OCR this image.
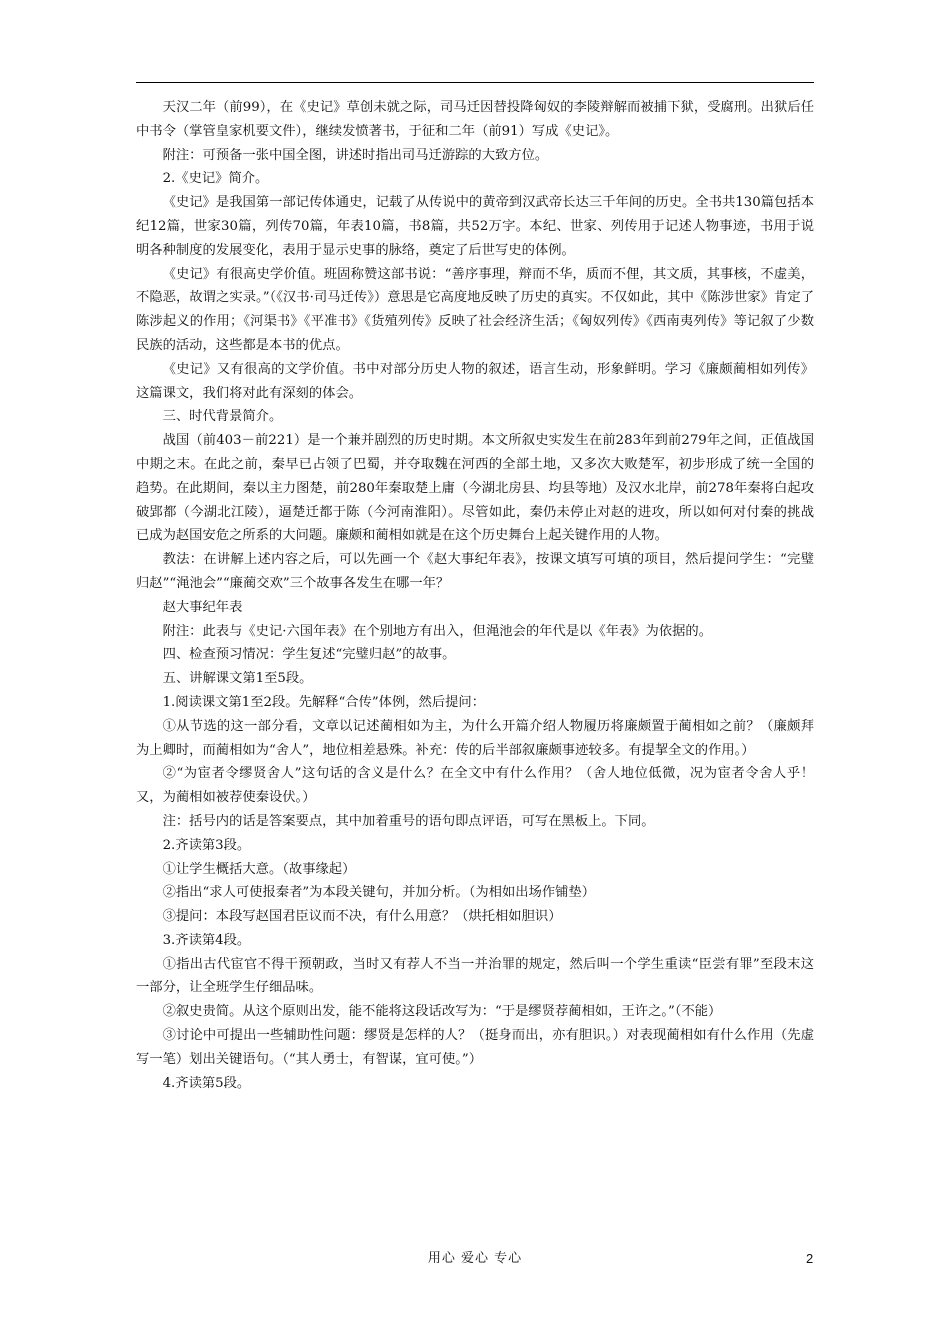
天汉二年（前99），在《史记》草创未就之际，司马迁因替投降匈奴的李陵辩解而被捕下狱，受腐刑。出狱后任中书令（掌管皇家机要文件），继续发愤著书，于征和二年（前91）写成《史记》。

附注：可预备一张中国全图，讲述时指出司马迁游踪的大致方位。

2.《史记》简介。

《史记》是我国第一部记传体通史，记载了从传说中的黄帝到汉武帝长达三千年间的历史。全书共130篇包括本纪12篇，世家30篇，列传70篇，年表10篇，书8篇，共52万字。本纪、世家、列传用于记述人物事迹，书用于说明各种制度的发展变化，表用于显示史事的脉络，奠定了后世写史的体例。

《史记》有很高史学价值。班固称赞这部书说：“善序事理，辩而不华，质而不俚，其文质，其事核，不虚美，不隐恶，故谓之实录。”（《汉书·司马迁传》）意思是它高度地反映了历史的真实。不仅如此，其中《陈涉世家》肯定了陈涉起义的作用；《河渠书》《平准书》《货殖列传》反映了社会经济生活；《匈奴列传》《西南夷列传》等记叙了少数民族的活动，这些都是本书的优点。

《史记》又有很高的文学价值。书中对部分历史人物的叙述，语言生动，形象鲜明。学习《廉颇蔺相如列传》这篇课文，我们将对此有深刻的体会。

三、时代背景简介。

战国（前403－前221）是一个兼并剧烈的历史时期。本文所叙史实发生在前283年到前279年之间，正值战国中期之末。在此之前，秦早已占领了巴蜀，并夺取魏在河西的全部土地，又多次大败楚军，初步形成了统一全国的趋势。在此期间，秦以主力图楚，前280年秦取楚上庸（今湖北房县、均县等地）及汉水北岸，前278年秦将白起攻破郢都（今湖北江陵），逼楚迁都于陈（今河南淮阳）。尽管如此，秦仍未停止对赵的进攻，所以如何对付秦的挑战已成为赵国安危之所系的大问题。廉颇和蔺相如就是在这个历史舞台上起关键作用的人物。

教法：在讲解上述内容之后，可以先画一个《赵大事纪年表》，按课文填写可填的项目，然后提问学生：“完璧归赵”“渑池会”“廉蔺交欢”三个故事各发生在哪一年？

赵大事纪年表

附注：此表与《史记·六国年表》在个别地方有出入，但渑池会的年代是以《年表》为依据的。

四、检查预习情况：学生复述“完璧归赵”的故事。

五、讲解课文第1至5段。

1.阅读课文第1至2段。先解释“合传”体例，然后提问：

①从节选的这一部分看，文章以记述蔺相如为主，为什么开篇介绍人物履历将廉颇置于蔺相如之前？（廉颇拜为上卿时，而蔺相如为“舍人”，地位相差悬殊。补充：传的后半部叙廉颇事迹较多。有提挈全文的作用。）

②“为宦者令缪贤舍人”这句话的含义是什么？在全文中有什么作用？（舍人地位低微，况为宦者令舍人乎！又，为蔺相如被荐使秦设伏。）

注：括号内的话是答案要点，其中加着重号的语句即点评语，可写在黑板上。下同。

2.齐读第3段。

①让学生概括大意。（故事缘起）

②指出“求人可使报秦者”为本段关键句，并加分析。（为相如出场作铺垫）

③提问：本段写赵国君臣议而不决，有什么用意？（烘托相如胆识）

3.齐读第4段。

①指出古代宦官不得干预朝政，当时又有荐人不当一并治罪的规定，然后叫一个学生重读“臣尝有罪”至段末这一部分，让全班学生仔细品味。

②叙史贵简。从这个原则出发，能不能将这段话改写为：“于是缪贤荐蔺相如，王许之。”（不能）

③讨论中可提出一些辅助性问题：缪贤是怎样的人？（挺身而出，亦有胆识。）对表现蔺相如有什么作用（先虚写一笔）划出关键语句。（“其人勇士，有智谋，宜可使。”）

4.齐读第5段。

用心 爱心 专心	2
